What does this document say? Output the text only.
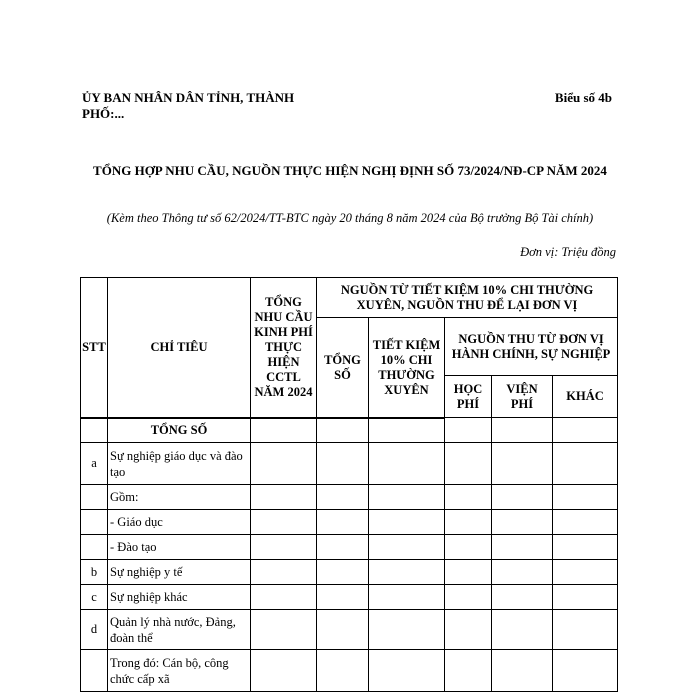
ỦY BAN NHÂN DÂN TỈNH, THÀNH PHỐ:...
Biểu số 4b
TỔNG HỢP NHU CẦU, NGUỒN THỰC HIỆN NGHỊ ĐỊNH SỐ 73/2024/NĐ-CP NĂM 2024
(Kèm theo Thông tư số 62/2024/TT-BTC ngày 20 tháng 8 năm 2024 của Bộ trưởng Bộ Tài chính)
Đơn vị: Triệu đồng
STT	CHỈ TIÊU	TỔNG NHU CẦU KINH PHÍ THỰC HIỆN CCTL NĂM 2024	NGUỒN TỪ TIẾT KIỆM 10% CHI THƯỜNG XUYÊN, NGUỒN THU ĐỂ LẠI ĐƠN VỊ				
			TỔNG SỐ	TIẾT KIỆM 10% CHI THƯỜNG XUYÊN	NGUỒN THU TỪ ĐƠN VỊ HÀNH CHÍNH, SỰ NGHIỆP		
					HỌC PHÍ	VIỆN PHÍ	KHÁC

	TỔNG SỐ						
a	Sự nghiệp giáo dục và đào tạo						
	Gồm:						
	- Giáo dục						
	- Đào tạo						
b	Sự nghiệp y tế						
c	Sự nghiệp khác						
d	Quản lý nhà nước, Đảng, đoàn thể						
	Trong đó: Cán bộ, công chức cấp xã						
